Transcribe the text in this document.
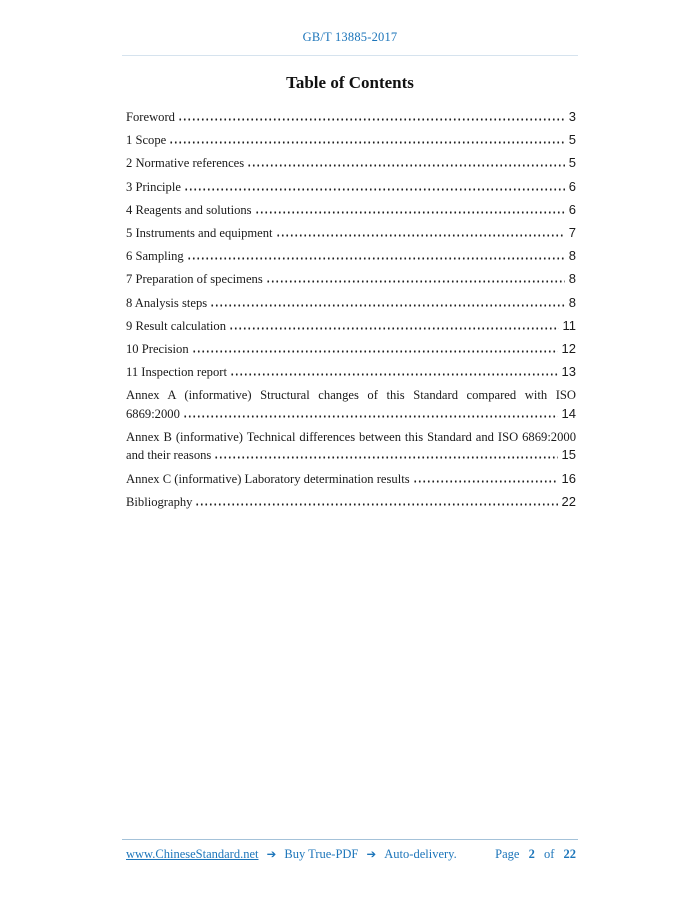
GB/T 13885-2017
Table of Contents
Foreword	3
1 Scope	5
2 Normative references	5
3 Principle	6
4 Reagents and solutions	6
5 Instruments and equipment	7
6 Sampling	8
7 Preparation of specimens	8
8 Analysis steps	8
9 Result calculation	11
10 Precision	12
11 Inspection report	13
Annex A (informative) Structural changes of this Standard compared with ISO
6869:2000	14
Annex B (informative) Technical differences between this Standard and ISO 6869:2000
and their reasons	15
Annex C (informative) Laboratory determination results	16
Bibliography	22
www.ChineseStandard.net ➔ Buy True-PDF ➔ Auto-delivery.	Page 2 of 22
